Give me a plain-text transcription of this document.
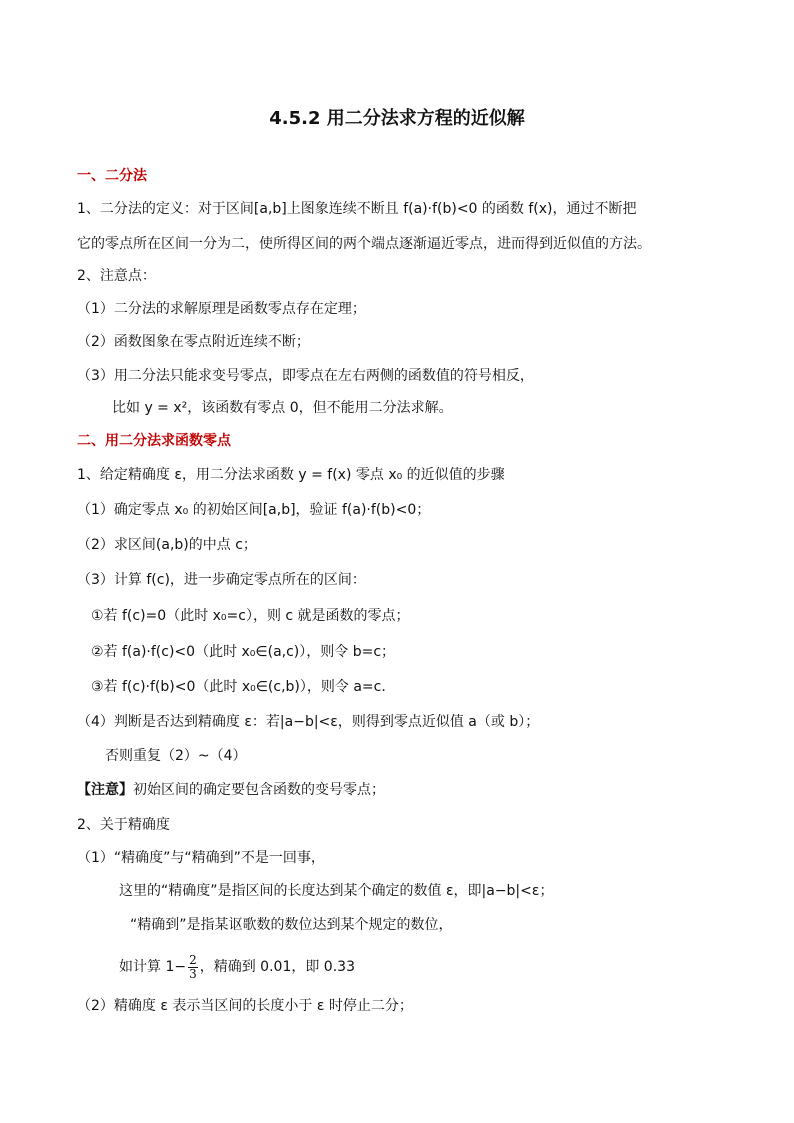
4.5.2 用二分法求方程的近似解
一、二分法
1、二分法的定义：对于区间[a,b]上图象连续不断且 f(a)·f(b)<0 的函数 f(x)，通过不断把
它的零点所在区间一分为二，使所得区间的两个端点逐渐逼近零点，进而得到近似值的方法。
2、注意点：
（1）二分法的求解原理是函数零点存在定理；
（2）函数图象在零点附近连续不断；
（3）用二分法只能求变号零点，即零点在左右两侧的函数值的符号相反，
比如 y = x²，该函数有零点 0，但不能用二分法求解。
二、用二分法求函数零点
1、给定精确度 ε，用二分法求函数 y = f(x) 零点 x₀ 的近似值的步骤
（1）确定零点 x₀ 的初始区间[a,b]，验证 f(a)·f(b)<0；
（2）求区间(a,b)的中点 c；
（3）计算 f(c)，进一步确定零点所在的区间：
①若 f(c)=0（此时 x₀=c），则 c 就是函数的零点；
②若 f(a)·f(c)<0（此时 x₀∈(a,c)），则令 b=c；
③若 f(c)·f(b)<0（此时 x₀∈(c,b)），则令 a=c.
（4）判断是否达到精确度 ε：若|a−b|<ε，则得到零点近似值 a（或 b）；
否则重复（2）~（4）
【注意】初始区间的确定要包含函数的变号零点；
2、关于精确度
（1）“精确度”与“精确到”不是一回事，
这里的“精确度”是指区间的长度达到某个确定的数值 ε，即|a−b|<ε；
“精确到”是指某讴歌数的数位达到某个规定的数位，
如计算 $1- \frac{2}{3}$ ，精确到 0.01，即 0.33
（2）精确度 ε 表示当区间的长度小于 ε 时停止二分；
